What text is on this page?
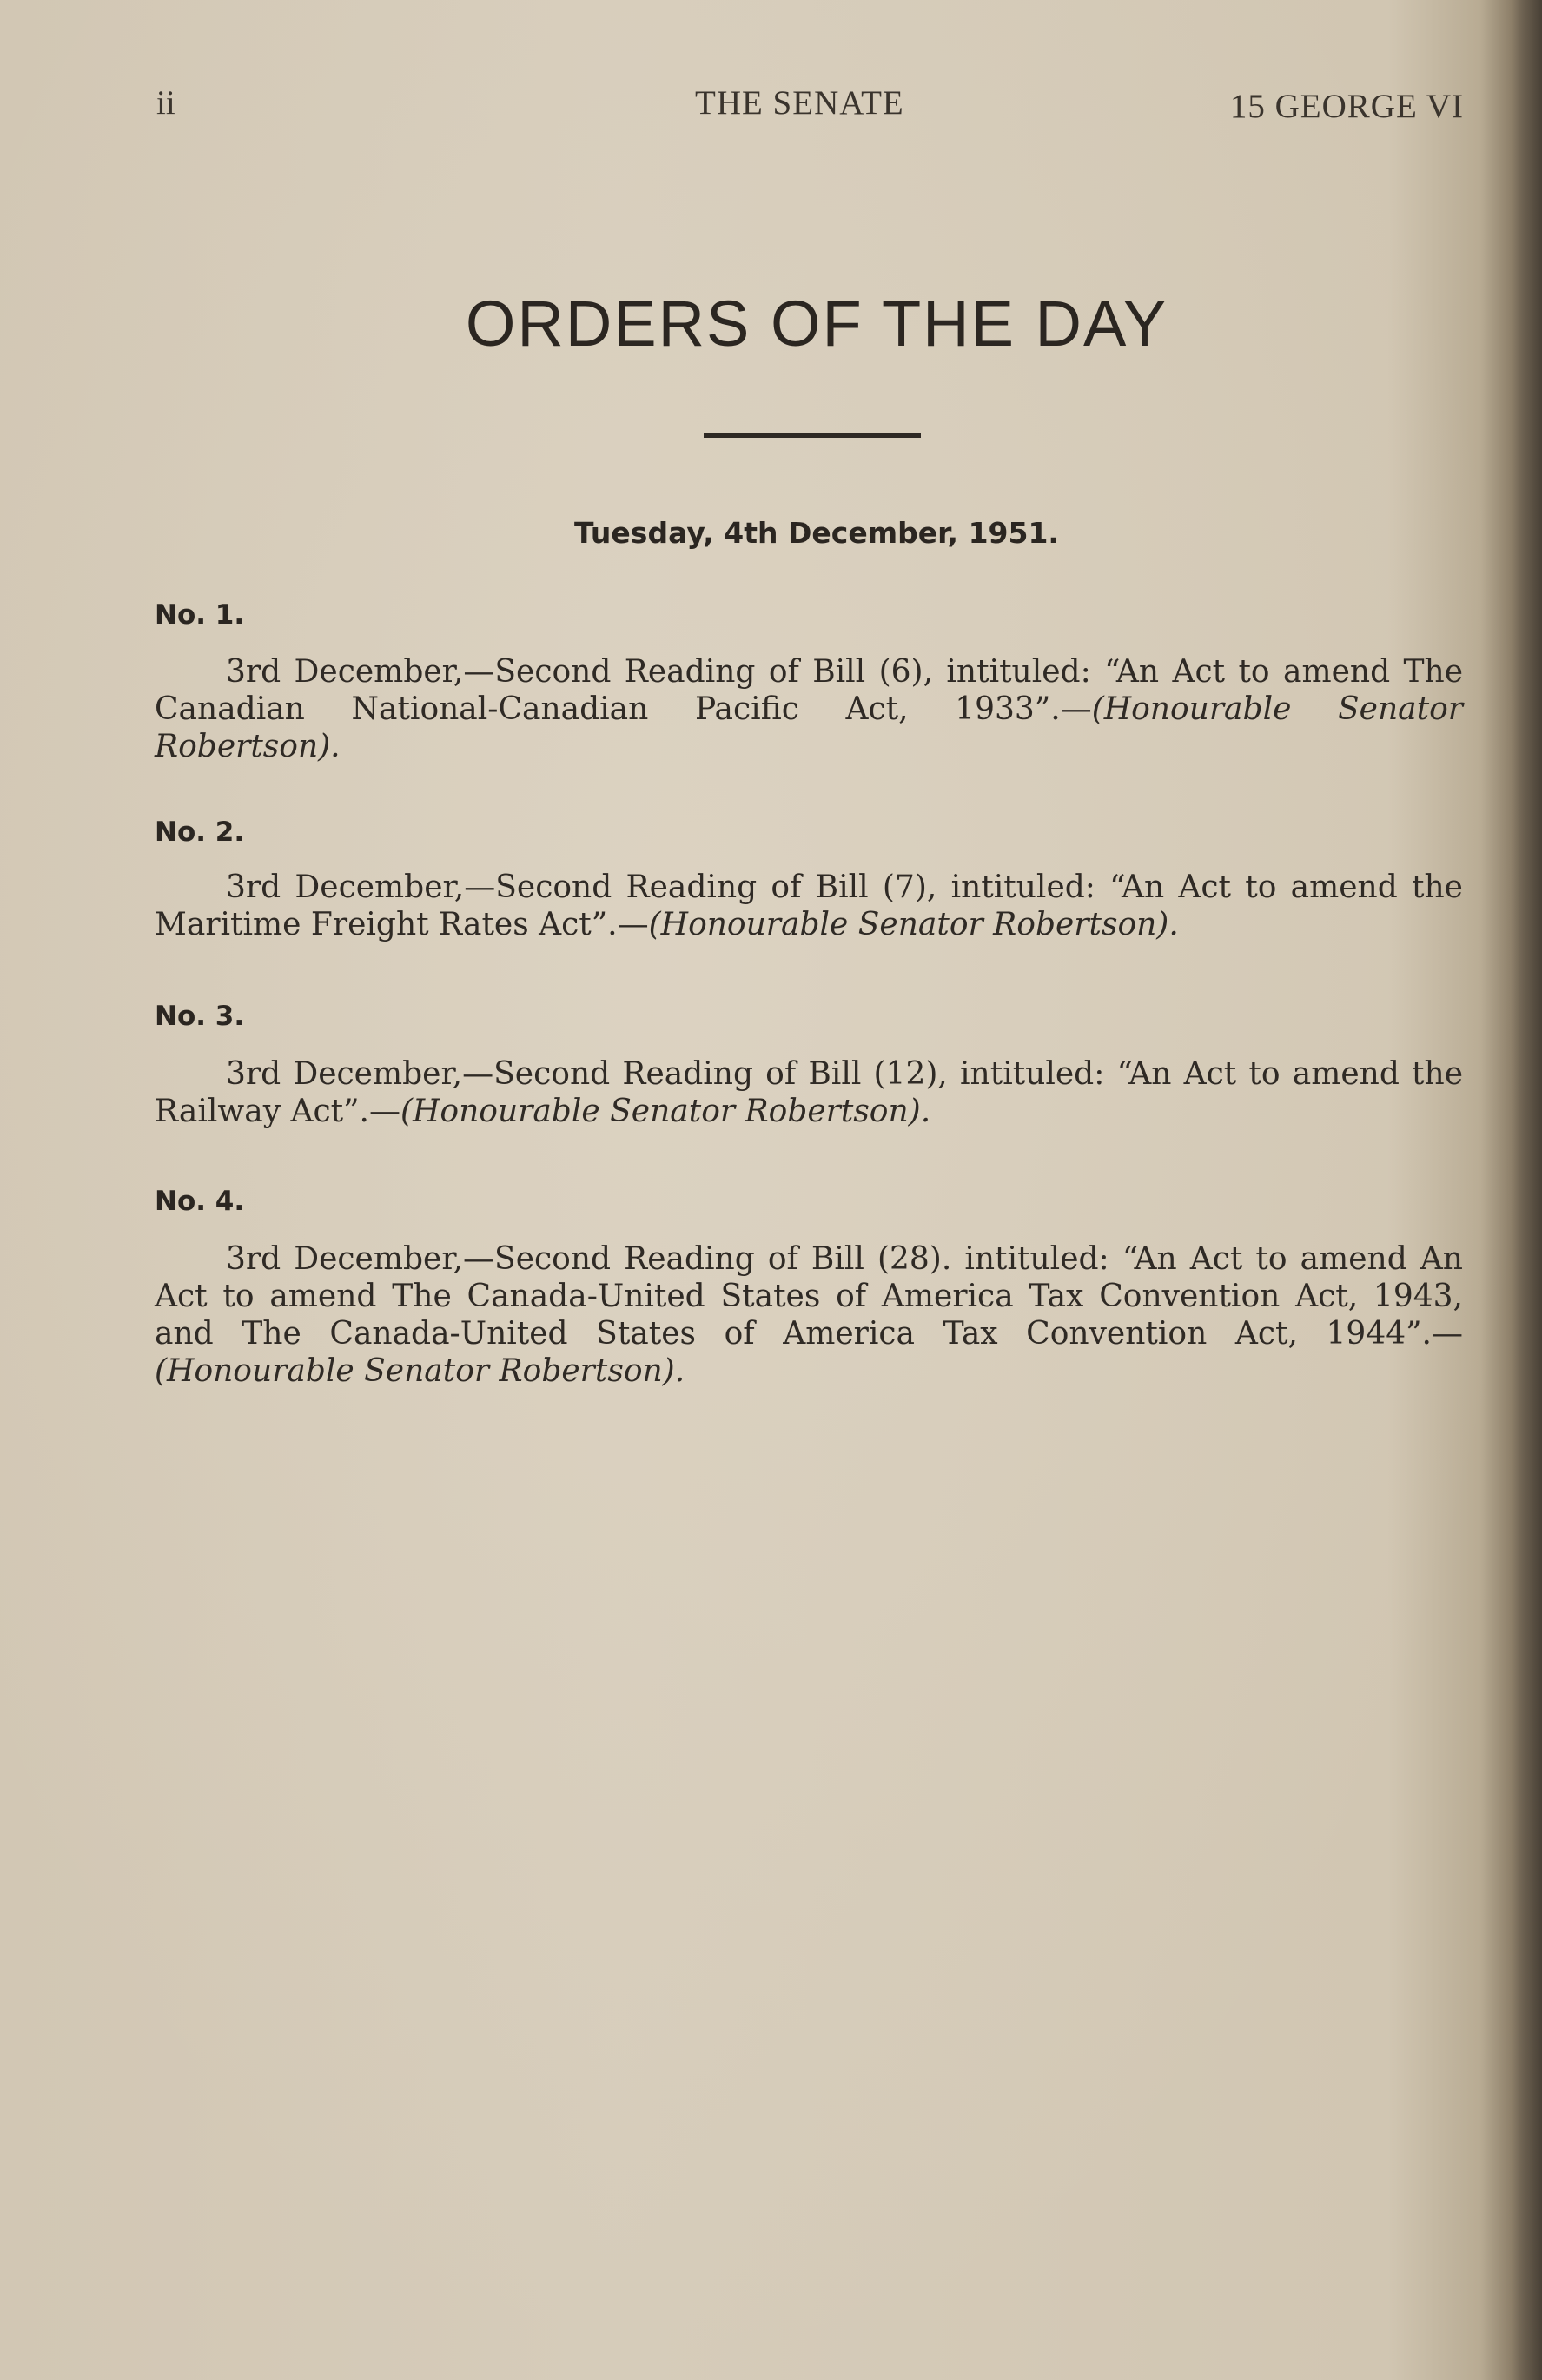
ii	THE SENATE	15 GEORGE VI
ORDERS OF THE DAY
Tuesday, 4th December, 1951.
No. 1.
3rd December,—Second Reading of Bill (6), intituled: “An Act to amend The Canadian National-Canadian Pacific Act, 1933”.—(Honourable Senator Robertson).
No. 2.
3rd December,—Second Reading of Bill (7), intituled: “An Act to amend the Maritime Freight Rates Act”.—(Honourable Senator Robertson).
No. 3.
3rd December,—Second Reading of Bill (12), intituled: “An Act to amend the Railway Act”.—(Honourable Senator Robertson).
No. 4.
3rd December,—Second Reading of Bill (28). intituled: “An Act to amend An Act to amend The Canada-United States of America Tax Convention Act, 1943, and The Canada-United States of America Tax Convention Act, 1944”.—(Honourable Senator Robertson).
